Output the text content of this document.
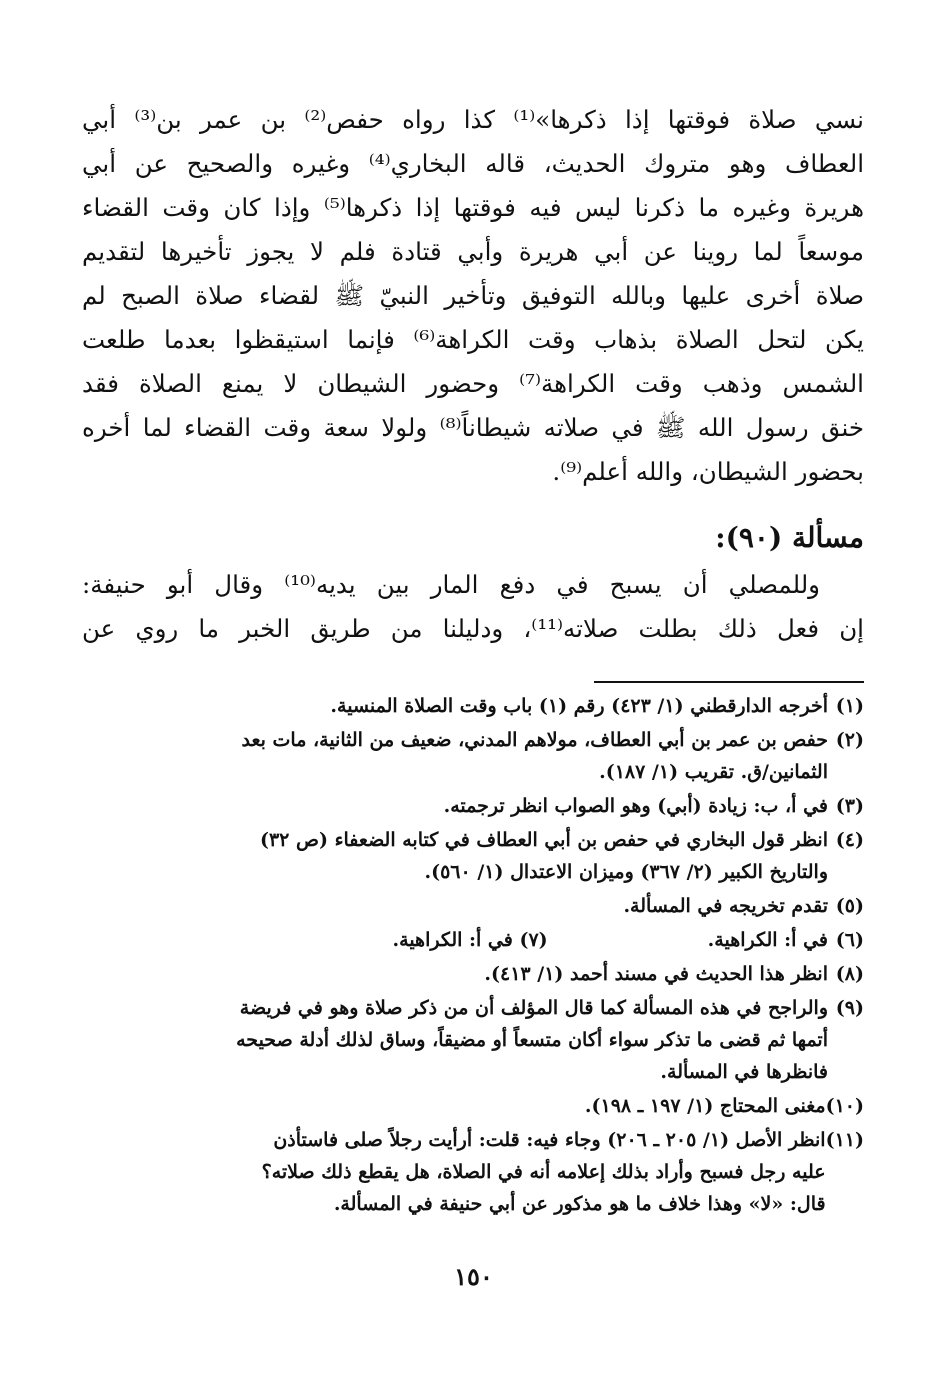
نسي صلاة فوقتها إذا ذكرها»⁽¹⁾ كذا رواه حفص⁽²⁾ بن عمر بن⁽³⁾ أبي
العطاف وهو متروك الحديث، قاله البخاري⁽⁴⁾ وغيره والصحيح عن أبي
هريرة وغيره ما ذكرنا ليس فيه فوقتها إذا ذكرها⁽⁵⁾ وإذا كان وقت القضاء
موسعاً لما روينا عن أبي هريرة وأبي قتادة فلم لا يجوز تأخيرها لتقديم
صلاة أخرى عليها وبالله التوفيق وتأخير النبيّ ﷺ لقضاء صلاة الصبح لم
يكن لتحل الصلاة بذهاب وقت الكراهة⁽⁶⁾ فإنما استيقظوا بعدما طلعت
الشمس وذهب وقت الكراهة⁽⁷⁾ وحضور الشيطان لا يمنع الصلاة فقد
خنق رسول الله ﷺ في صلاته شيطاناً⁽⁸⁾ ولولا سعة وقت القضاء لما أخره
بحضور الشيطان، والله أعلم⁽⁹⁾.
مسألة (٩٠):
وللمصلي أن يسبح في دفع المار بين يديه⁽¹⁰⁾ وقال أبو حنيفة:
إن فعل ذلك بطلت صلاته⁽¹¹⁾، ودليلنا من طريق الخبر ما روي عن
(١)
أخرجه الدارقطني (١/ ٤٢٣) رقم (١) باب وقت الصلاة المنسية.
(٢)
حفص بن عمر بن أبي العطاف، مولاهم المدني، ضعيف من الثانية، مات بعد
الثمانين/ق. تقريب (١/ ١٨٧).
(٣)
في أ، ب: زيادة (أبي) وهو الصواب انظر ترجمته.
(٤)
انظر قول البخاري في حفص بن أبي العطاف في كتابه الضعفاء (ص ٣٢)
والتاريخ الكبير (٢/ ٣٦٧) وميزان الاعتدال (١/ ٥٦٠).
(٥)
تقدم تخريجه في المسألة.
(٦)
في أ: الكراهية.
(٧) في أ: الكراهية.
(٨)
انظر هذا الحديث في مسند أحمد (١/ ٤١٣).
(٩)
والراجح في هذه المسألة كما قال المؤلف أن من ذكر صلاة وهو في فريضة
أتمها ثم قضى ما تذكر سواء أكان متسعاً أو مضيقاً، وساق لذلك أدلة صحيحه
فانظرها في المسألة.
(١٠)
مغنى المحتاج (١/ ١٩٧ ـ ١٩٨).
(١١)
انظر الأصل (١/ ٢٠٥ ـ ٢٠٦) وجاء فيه: قلت: أرأيت رجلاً صلى فاستأذن
عليه رجل فسبح وأراد بذلك إعلامه أنه في الصلاة، هل يقطع ذلك صلاته؟
قال: «لا» وهذا خلاف ما هو مذكور عن أبي حنيفة في المسألة.
١٥٠
